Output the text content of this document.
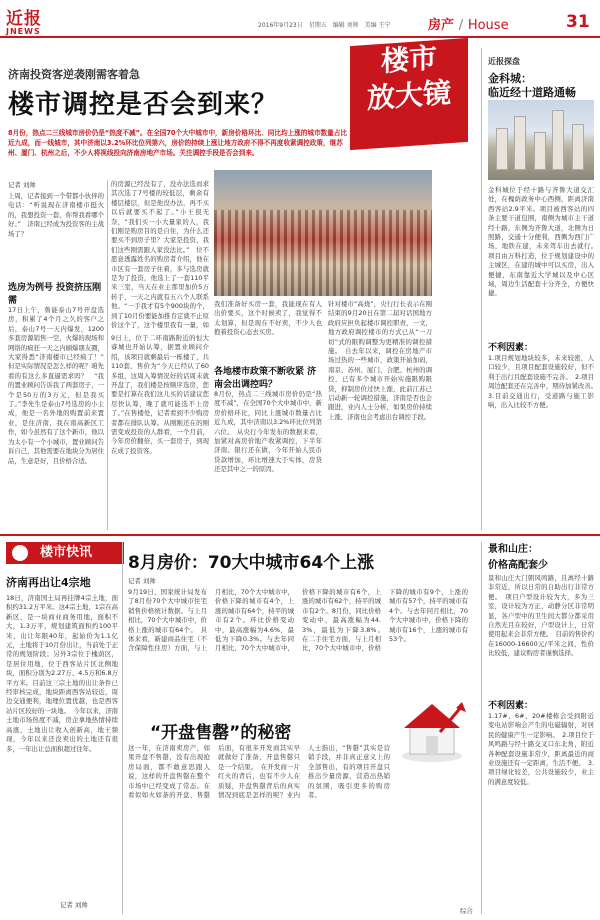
近报
JNEWS
2016年9月23日　星期五　编辑 刘帅　美编 王宁	房产 / House	31
济南投资客逆袭刚需客着急
楼市调控是否会到来？
楼市
放大镜
8月份，热点二三线城市房价仍是“热度不减”。在全国70个大中城市中，新房价格环比、同比均上涨的城市数量占比近九成，而一线城市，其中济南以3.2%环比位列第六，房价的持续上涨让地方政府不得不再度收紧调控政策，继苏州、厦门、杭州之后，不少人将视线投向济南房地产市场。关注调控手段是否会到来。
记者 刘帅
上周，记者接到一个带都小伙伴的电话：“听说现在济南楼市挺火的，我想投资一套，你帮我看哪个好。”　济南已经成为投资客的主战场了？
选房为例号 投资挤压刚需
17日上午，鲁能泰山7号开盘选房，积累了4个月之久的客户之后，泰山7号一天内爆发，1200多套房源销售一空，火爆的现场和网络的疯狂一天之内刷爆朋友圈，大家得悉“济南楼市已经疯了！”　但是实际情况是怎么样的呢？咱先看的有这么多直逼需求吗？　“我的置业顾问告诉我了两套房子，一个是50万的3万元，但是我买了。”李先生是泰山7号选房的小主成，他是一名外地的购置前来置业，是住济南，我在南高新区工作，如今虽然有了这个新市，他以为太小有一个小城市，置业顾问告诉自己，其他需要在地块分为居住品，生意是好，且价格合适。
的房源已经没有了，没办法选而求其次选了7号楼的较低层，剩余有楼层楼层，但是他没办法，再不买以后就要买不起了。”小王很无奈，“我们买一小大量家的人，我们刚是购房目的是自住，为什么还要买不到房子里？大家是投资，我们这些刚需跟人家没法比。”　位不愿意透露姓名的购房者介绍，他在市区有一套房子住着，多与选房就是为了投资，他选上了一套110平米三室，当天在业主那里加价5万转手，一天之内就有五六个人联系他。“一手我才有5个900块的个，到了10月份要能加推肯定就不止原价这个了，这个楼里我有一量，如
9日上，位于二环南路附近的恒大睿城也开始认筹，据置业顾问介绍，该项目就剩最后一栋楼了，共110套，售价为“今天已经认了60多组，这周入筹情况好的话周末就开盘了，我们楼是按顺序选房，您要是打算在我们这儿买的话建议您尽快认筹，晚了就可能选不上房了。”在售楼处，记者看到不少购房者都在排队认筹。从刚刚还在的刚需变成投资的人群看，一个月前，今年房价翻倍，买一套房子，到现在成了投资客。
我们准备好买房一套，我能现在有人出价要买，这个时候卖了，我觉得不太划算，但是现在不好卖，不少人也抱着投资心态去买房。
各地楼市政策不断收紧 济南会出调控吗？
8月份，热点二三线城市房价仍是“热度不减”，在全国70个大中城市中，新房价格环比，同比上涨城市数量占比近九成，其中济南以3.2%环比位列第六位。　从央行今年发布的数据来看，加紧对高房价地产收紧调控，下半年济南、银行还在做，今年开始人民币贷款增加，环比增速大于实体，房贷还是其中之一的原因。
针对楼市“高烧”，央行行长表示在刚结束的9月20日在第二届对话国地方政府应担负起楼市调控职责，一文，地方政府调控楼市的方式已从“一刀切”式的限购调整为更精准的调控措施。　自去年以来，调控在房地产市场过热的一些城市，政策开始加码，南京、苏州、厦门、合肥、杭州的调控，已有多个城市开始实施限购限贷，抑制房价过快上涨，此前江苏已启动新一轮调控措施，济南是否也会跟进，业内人士分析，如果房价持续上涨，济南也会考虑出台调控手段。
近报探盘
金科城：
临近经十道路通畅
金科城位于经十路与齐鲁大道交汇处，在槐荫政务中心西侧，距离济南西客站2.9平米。项目被西客站的四条主要干道包围，南侧为城市主干道经十路，东侧为齐鲁大道，北侧为日照路，交通十分便利，西侧为西门广场，地铁在建，未来驾车出去就行。　项目由万科打造，位于规划建设中的主城区，在建的城中可以买房，出入便捷，东南靠近大学城以及中心区域，周边生活配套十分齐全，方便快捷。
不利因素：
1.项目规划地块较多，未来较密，人口较少，且项目配套设施较好，但不利于出行且配套设施不完善。　2.项目周边配套还在完善中，期待加紧改善。　3.目前交通出行，受道路与施工影响，出入比较不方便。
楼市快讯
济南再出让4宗地
18日，济南国土局再挂牌4宗土地，面积约31.2万平米。这4宗土地，1宗在高新区，是一块商业商务用地，面积不大，1.3万平，规划建筑面积约100平米，出让年限40年，起始价为1.1亿元，土地将于10月份出让，当前处于正常的规划阶段；另外3宗位于槐荫区，是居住用地，位于西客站片区北侧地块，面积分别为2.27万、4.5万和6.8万平方米。目前这三宗土地的出让条件已经审核完成，地块距离西客站较近，周边交通便利，地理位置优越，也是西客站片区较好的一块地。　今年以来，济南土地市场热度不减，房企拿地热情持续高涨，土地出让收入创新高，地王频现，今年以来还没卖出的土地还有很多，一年出让总面积超过往年。
记者 刘帅
8月房价：70大中城市64个上涨
记者 刘帅
9月19日，国家统计局发布了8月份70个大中城市住宅销售价格统计数据。与上月相比，70个大中城市中，价格上涨的城市有64个。　具体来看，新建商品住宅（不含保障性住房）方面，与上月相比，70个大中城市中，价格下降的城市有4个，上涨的城市有64个，持平的城市有2个。环比价格变动中，最高涨幅为4.6%，最低为下降0.3%。与去年同月相比，70个大中城市中，价格下降的城市有6个，上涨的城市有62个，持平的城市有2个。8月份，同比价格变动中，最高涨幅为44.3%，最低为下降3.8%。　在二手住宅方面，与上月相比，70个大中城市中，价格下降的城市有9个，上涨的城市有57个，持平的城市有4个。与去年同月相比，70个大中城市中，价格下降的城市有16个，上涨的城市有53个。
“开盘售罄”的秘密
这一年，在济南卖房产，如果开盘不售罄，没有出现抢房局面，都不敢意思跟人说，这样的开盘售罄在整个市场中已经变成了常态。在看似如火如荼的开盘、售罄后面，有很多开发商其实早就做好了准备，开盘售罄只是一个结果。　在开发商一片红火的背后，也有不少人在质疑，开盘售罄背后的真实情况到底是怎样的呢？业内人士指出，“售罄”其实是营销手段，并非真正意义上的全部售出，有的项目开盘只推出少量房源，营造出热销的氛围，吸引更多的购房者。
综合
景和山庄：
价格高配套少
景和山庄大门朝风鸣路，且离经十路非常近，所以日常的自助出行非常方便。　项目户型设计较为大，多为三室，设计较为方正，动静分区非常明显，各户型中的卫生间大都分都采用自然光且在较好，户型设计上，日常使用起来会非常方便。　目前的售价约在16000-16600元/平米之间，性价比较低，建议购房者谨慎选择。
不利因素：
1.17#、6#、20#楼栋会受到附近变电站影响会产生的电磁辐射，对居民的健康产生一定影响。　2.项目位于风鸣路与经十路交叉口东北角，附近各种配套设施非常少，距离最近的商业设施还有一定距离，生活不便。　3.项目绿化较差，公共设施较少，业主的满意度较低。
